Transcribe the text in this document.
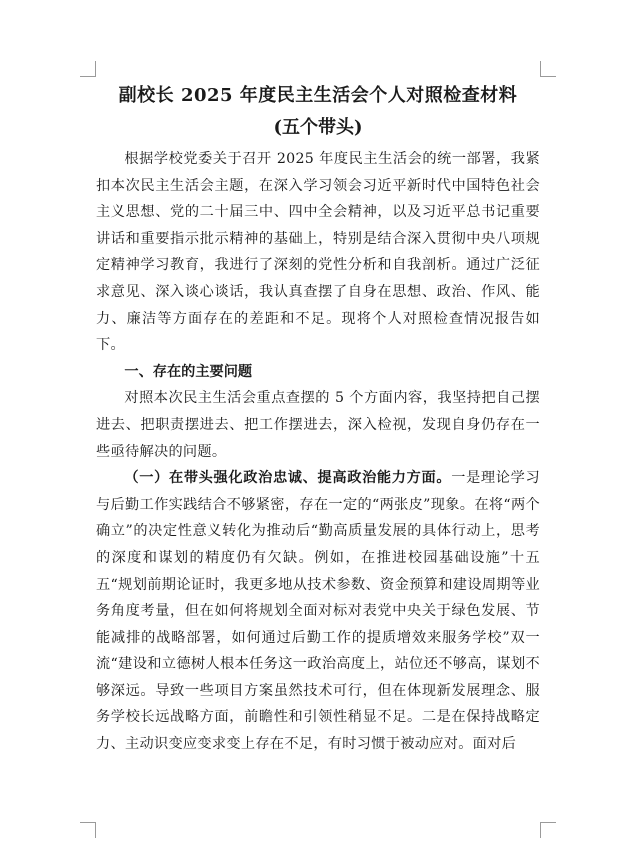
副校长 2025 年度民主生活会个人对照检查材料

(五个带头)

根据学校党委关于召开 2025 年度民主生活会的统一部署，我紧扣本次民主生活会主题，在深入学习领会习近平新时代中国特色社会主义思想、党的二十届三中、四中全会精神，以及习近平总书记重要讲话和重要指示批示精神的基础上，特别是结合深入贯彻中央八项规定精神学习教育，我进行了深刻的党性分析和自我剖析。通过广泛征求意见、深入谈心谈话，我认真查摆了自身在思想、政治、作风、能力、廉洁等方面存在的差距和不足。现将个人对照检查情况报告如下。

一、存在的主要问题

对照本次民主生活会重点查摆的 5 个方面内容，我坚持把自己摆进去、把职责摆进去、把工作摆进去，深入检视，发现自身仍存在一些亟待解决的问题。

（一）在带头强化政治忠诚、提高政治能力方面。一是理论学习与后勤工作实践结合不够紧密，存在一定的“两张皮”现象。在将“两个确立”的决定性意义转化为推动后“勤高质量发展的具体行动上，思考的深度和谋划的精度仍有欠缺。例如，在推进校园基础设施”十五五“规划前期论证时，我更多地从技术参数、资金预算和建设周期等业务角度考量，但在如何将规划全面对标对表党中央关于绿色发展、节能减排的战略部署，如何通过后勤工作的提质增效来服务学校”双一流“建设和立德树人根本任务这一政治高度上，站位还不够高，谋划不够深远。导致一些项目方案虽然技术可行，但在体现新发展理念、服务学校长远战略方面，前瞻性和引领性稍显不足。二是在保持战略定力、主动识变应变求变上存在不足，有时习惯于被动应对。面对后
